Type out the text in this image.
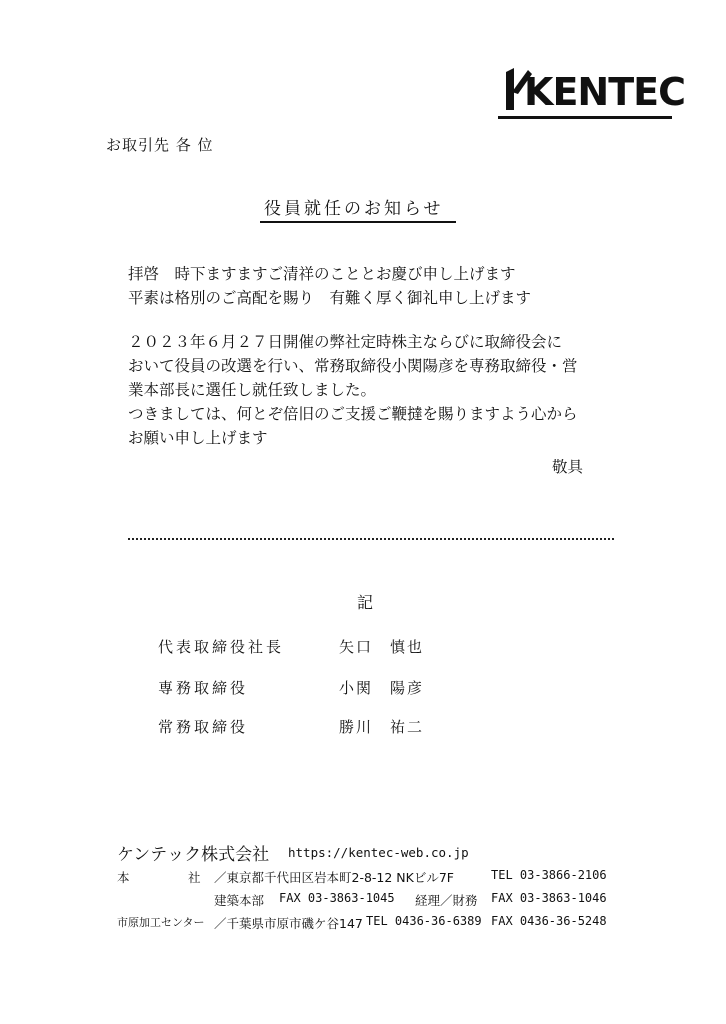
KENTEC
お取引先 各 位
役員就任のお知らせ
拝啓　時下ますますご清祥のこととお慶び申し上げます
平素は格別のご高配を賜り　有難く厚く御礼申し上げます
２０２３年６月２７日開催の弊社定時株主ならびに取締役会に
おいて役員の改選を行い、常務取締役小関陽彦を専務取締役・営
業本部長に選任し就任致しました。
つきましては、何とぞ倍旧のご支援ご鞭撻を賜りますよう心から
お願い申し上げます
敬具
記
代表取締役社長	矢口　慎也
専務取締役	小関　陽彦
常務取締役	勝川　祐二
ケンテック株式会社 https://kentec-web.co.jp
本	社 ／東京都千代田区岩本町2-8-12 NKビル7F	TEL 03-3866-2106
建築本部 FAX 03-3863-1045 経理／財務 FAX 03-3863-1046
市原加工センター ／千葉県市原市磯ケ谷147 TEL 0436-36-6389 FAX 0436-36-5248
